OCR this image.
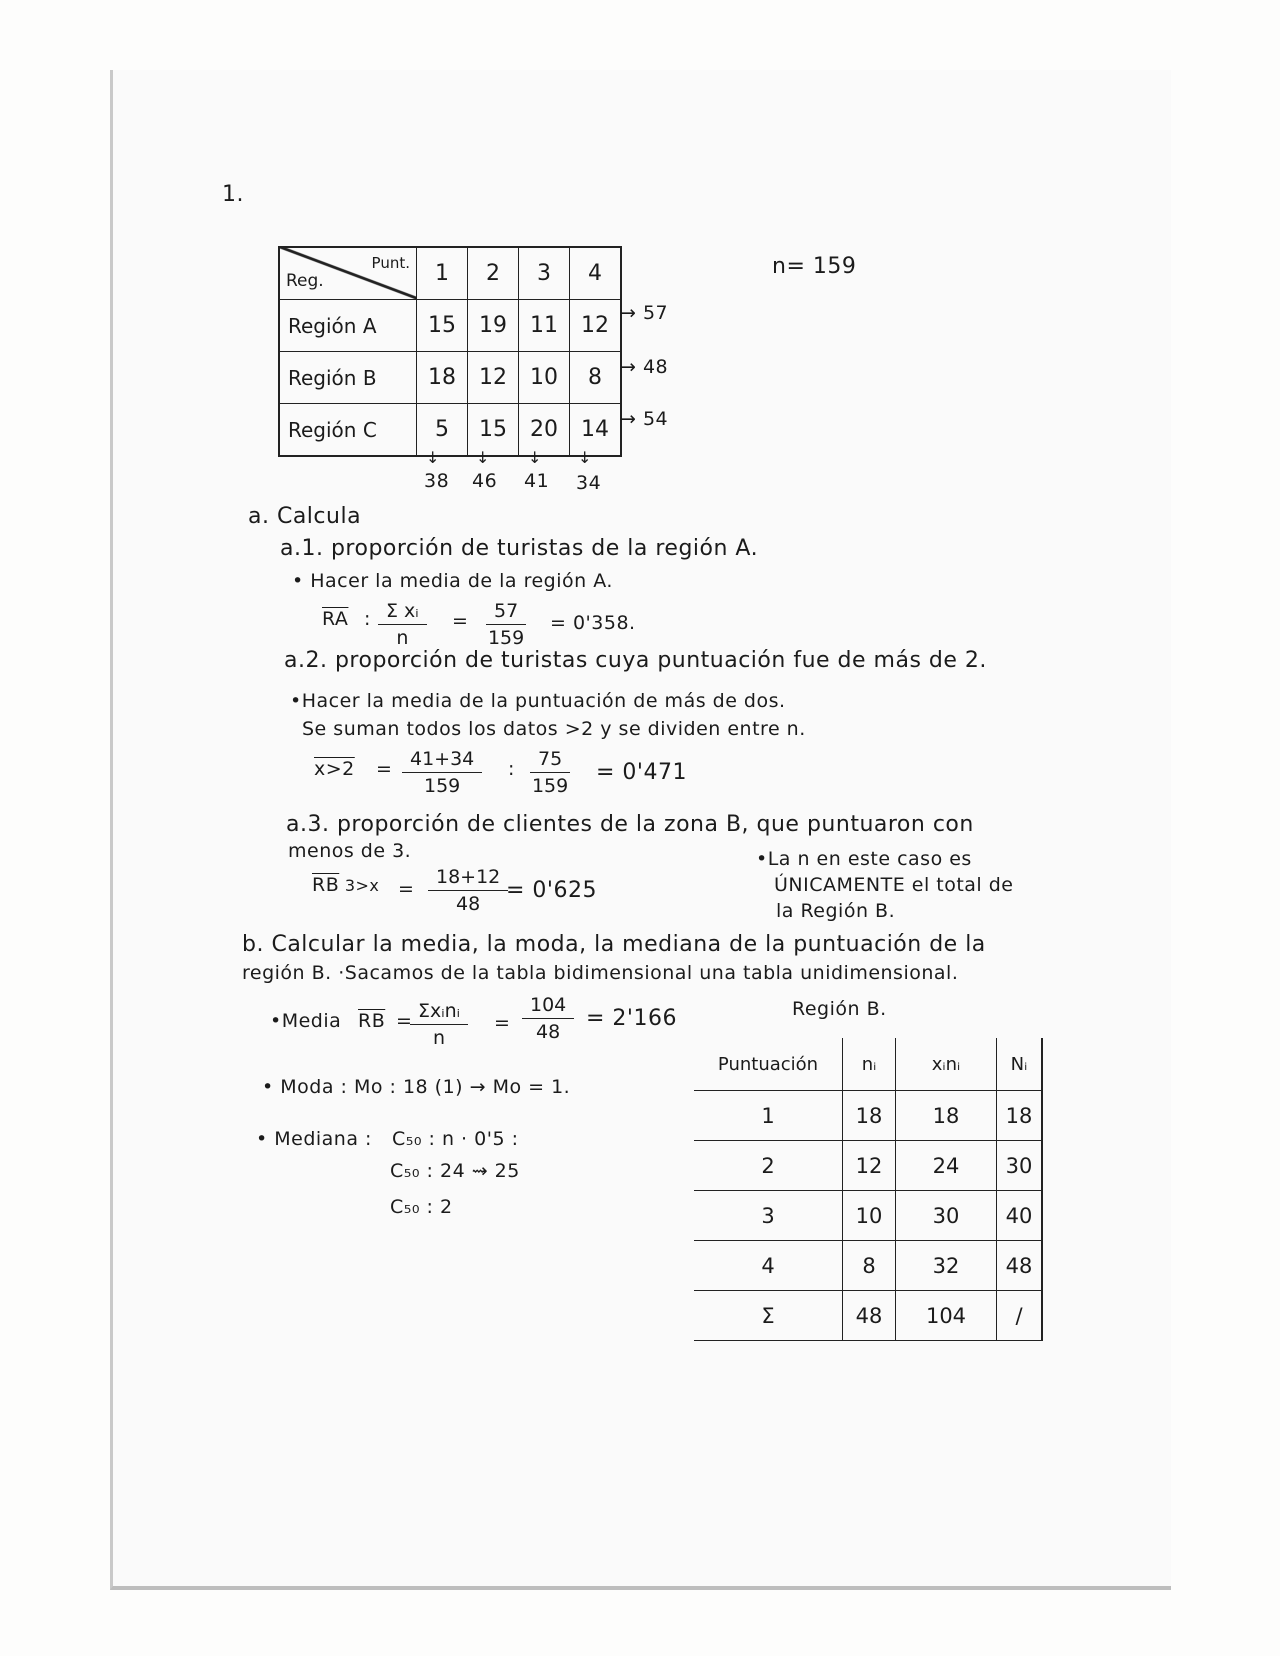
1.
n= 159
Reg.
Punt.	1	2	3	4
Región A	15	19	11	12
Región B	18	12	10	8
Región C	5	15	20	14
→ 57
→ 48
→ 54
↓ ↓ ↓ ↓
38 46 41 34
a. Calcula
a.1. proporción de turistas de la región A.
• Hacer la media de la región A.
$\overline{RA}$ : $\frac{\text{Σ xᵢ}}{n} = \frac{57}{159} = 0'358$.
a.2. proporción de turistas cuya puntuación fue de más de 2.
•Hacer la media de la puntuación de más de dos.
Se suman todos los datos >2 y se dividen entre n.
$x>2 = \frac{41+34}{159}$ : $\frac{75}{159} = 0'471$
a.3. proporción de clientes de la zona B, que puntuaron con
menos de 3.
$\overline{RB}$ $3>x = \frac{18+12}{48}$
= 0'625
•La n en este caso es
ÚNICAMENTE el total de
la Región B.
b. Calcular la media, la moda, la mediana de la puntuación de la
región B. ·Sacamos de la tabla bidimensional una tabla unidimensional.
•Media $\overline{RB}$ = Σxᵢnᵢ
n
= $\frac{104}{48} = 2'166$
• Moda : Mo : 18 (1) → Mo = 1.
• Mediana : C₅₀ : n · 0'5 :
C₅₀ : 24 ⇝ 25
C₅₀ : 2
Región B.
Puntuación	nᵢ	xᵢnᵢ	Nᵢ
1	18	18	18
2	12	24	30
3	10	30	40
4	8	32	48
Σ	48	104	/
